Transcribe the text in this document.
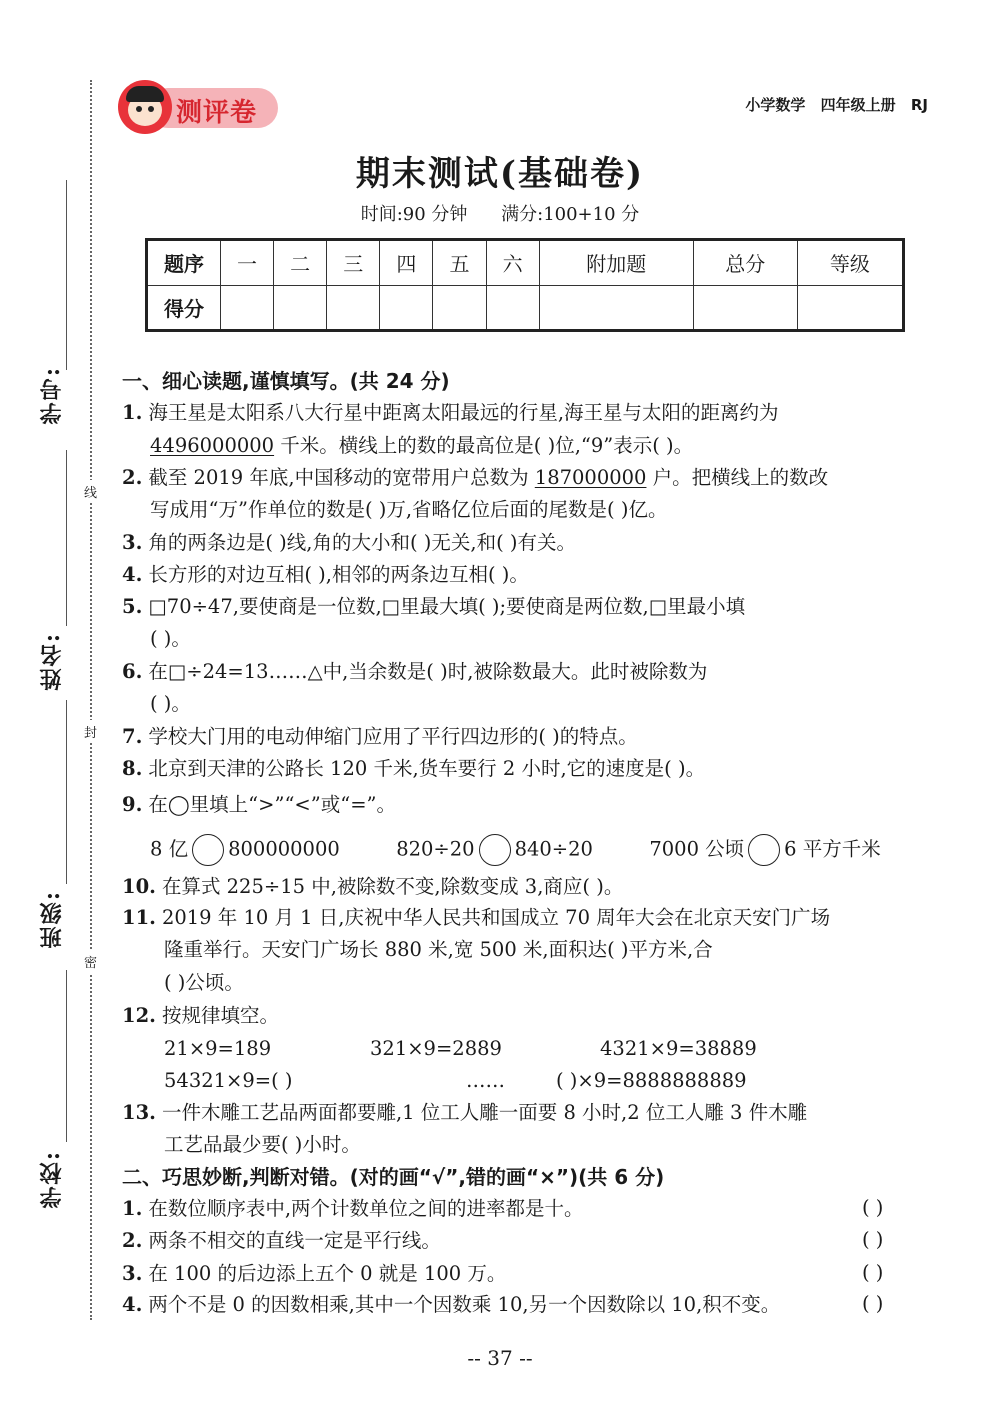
学号:
姓名:
班级:
学校:
线
封
密
测评卷	小学数学 四年级上册 RJ
期末测试(基础卷)
时间:90 分钟 满分:100+10 分
题序	一	二	三	四	五	六	附加题	总分	等级
得分									
一、细心读题,谨慎填写。(共 24 分)
1. 海王星是太阳系八大行星中距离太阳最远的行星,海王星与太阳的距离约为
4496000000 千米。横线上的数的最高位是( )位,“9”表示( )。
2. 截至 2019 年底,中国移动的宽带用户总数为 187000000 户。把横线上的数改
写成用“万”作单位的数是( )万,省略亿位后面的尾数是( )亿。
3. 角的两条边是( )线,角的大小和( )无关,和( )有关。
4. 长方形的对边互相( ),相邻的两条边互相( )。
5. □70÷47,要使商是一位数,□里最大填( );要使商是两位数,□里最小填
( )。
6. 在□÷24=13……△中,当余数是( )时,被除数最大。此时被除数为
( )。
7. 学校大门用的电动伸缩门应用了平行四边形的( )的特点。
8. 北京到天津的公路长 120 千米,货车要行 2 小时,它的速度是( )。
9. 在◯里填上“>”“<”或“=”。
8 亿 800000000	820÷20 840÷20	7000 公顷 6 平方千米
10. 在算式 225÷15 中,被除数不变,除数变成 3,商应( )。
11. 2019 年 10 月 1 日,庆祝中华人民共和国成立 70 周年大会在北京天安门广场
隆重举行。天安门广场长 880 米,宽 500 米,面积达( )平方米,合
( )公顷。
12. 按规律填空。
21×9=189	321×9=2889	4321×9=38889
54321×9=( )	……	( )×9=8888888889
13. 一件木雕工艺品两面都要雕,1 位工人雕一面要 8 小时,2 位工人雕 3 件木雕
工艺品最少要( )小时。
二、巧思妙断,判断对错。(对的画“√”,错的画“×”)(共 6 分)
1. 在数位顺序表中,两个计数单位之间的进率都是十。	( )
2. 两条不相交的直线一定是平行线。	( )
3. 在 100 的后边添上五个 0 就是 100 万。	( )
4. 两个不是 0 的因数相乘,其中一个因数乘 10,另一个因数除以 10,积不变。	( )
-- 37 --
